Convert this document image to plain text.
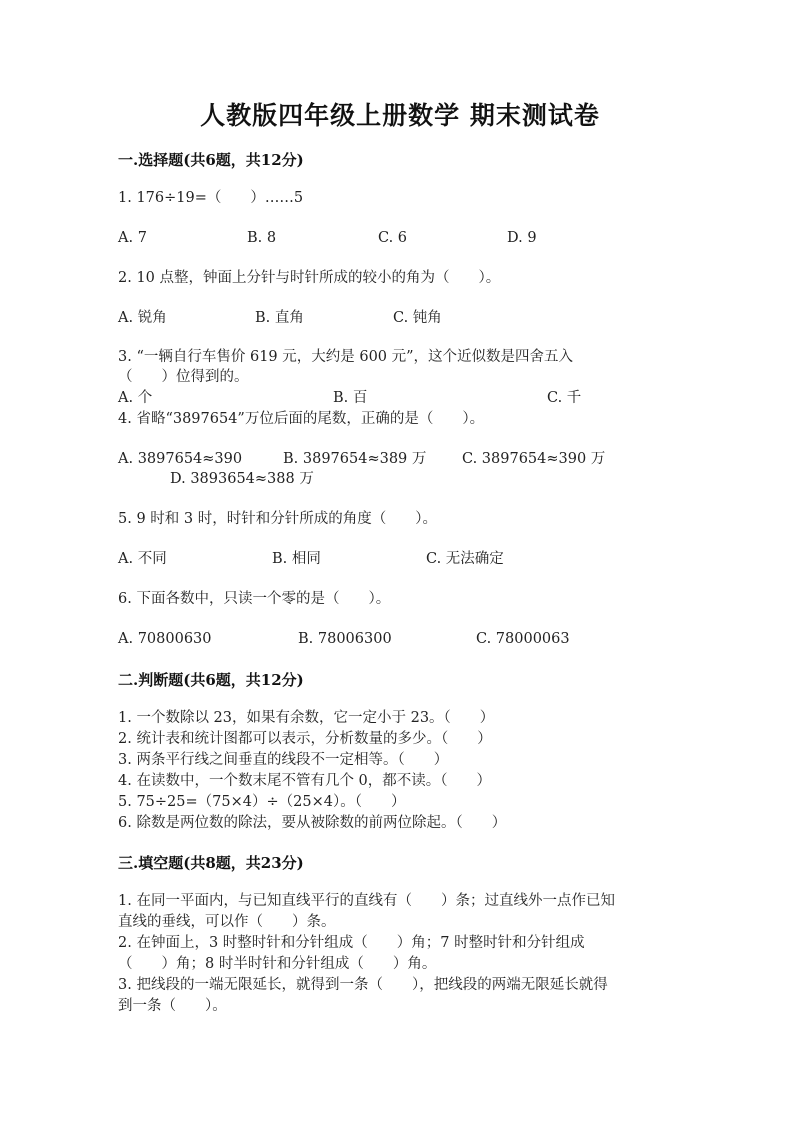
人教版四年级上册数学 期末测试卷
一.选择题(共6题，共12分)
1. 176÷19=（　　）……5
A. 7	B. 8	C. 6	D. 9
2. 10 点整，钟面上分针与时针所成的较小的角为（　　）。
A. 锐角	B. 直角	C. 钝角
3. “一辆自行车售价 619 元，大约是 600 元”，这个近似数是四舍五入
（　　）位得到的。
A. 个	B. 百	C. 千
4. 省略“3897654”万位后面的尾数，正确的是（　　）。
A. 3897654≈390	B. 3897654≈389 万 C. 3897654≈390 万
D. 3893654≈388 万
5. 9 时和 3 时，时针和分针所成的角度（　　）。
A. 不同	B. 相同	C. 无法确定
6. 下面各数中，只读一个零的是（　　）。
A. 70800630	B. 78006300	C. 78000063
二.判断题(共6题，共12分)
1. 一个数除以 23，如果有余数，它一定小于 23。（　　）
2. 统计表和统计图都可以表示，分析数量的多少。（　　）
3. 两条平行线之间垂直的线段不一定相等。（　　）
4. 在读数中，一个数末尾不管有几个 0，都不读。（　　）
5. 75÷25=（75×4）÷（25×4）。（　　）
6. 除数是两位数的除法，要从被除数的前两位除起。（　　）
三.填空题(共8题，共23分)
1. 在同一平面内，与已知直线平行的直线有（　　）条；过直线外一点作已知
直线的垂线，可以作（　　）条。
2. 在钟面上，3 时整时针和分针组成（　　）角；7 时整时针和分针组成
（　　）角；8 时半时针和分针组成（　　）角。
3. 把线段的一端无限延长，就得到一条（　　），把线段的两端无限延长就得
到一条（　　）。
